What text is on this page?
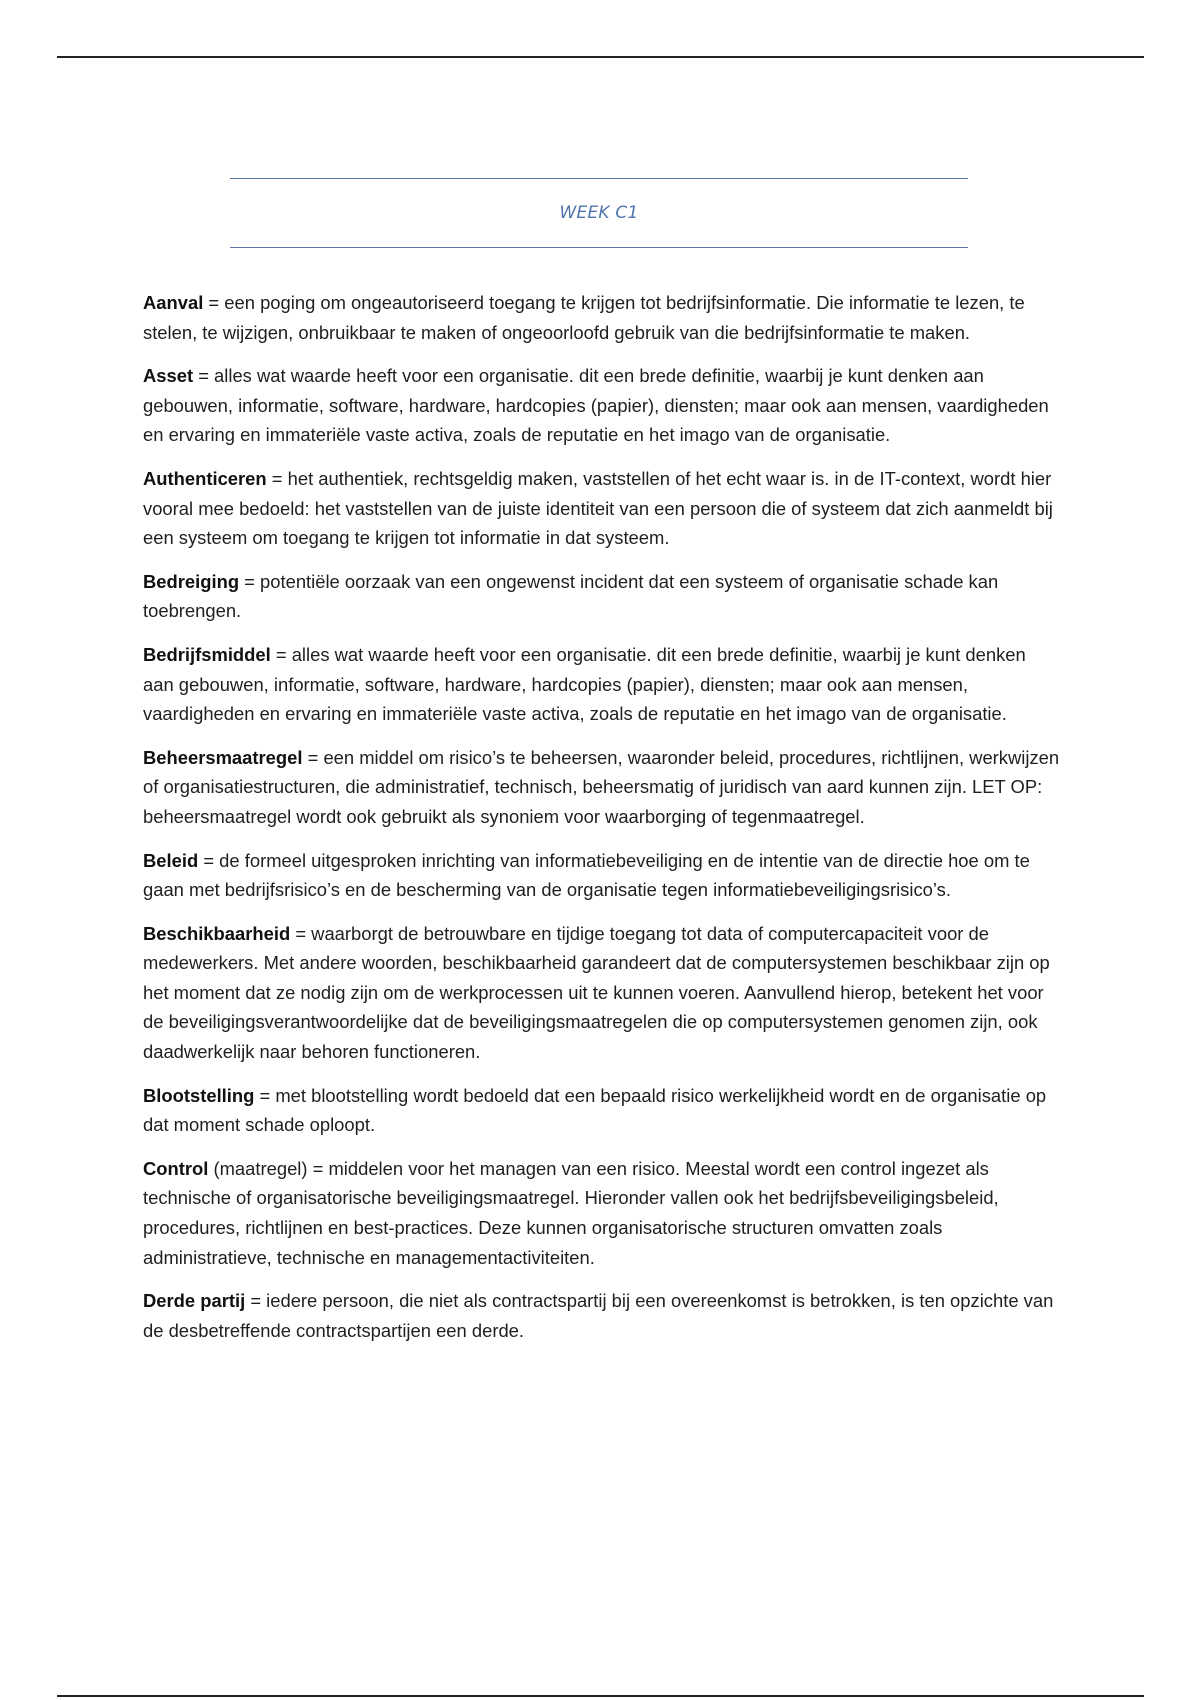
WEEK C1

Aanval = een poging om ongeautoriseerd toegang te krijgen tot bedrijfsinformatie. Die informatie te lezen, te stelen, te wijzigen, onbruikbaar te maken of ongeoorloofd gebruik van die bedrijfsinformatie te maken.

Asset = alles wat waarde heeft voor een organisatie. dit een brede definitie, waarbij je kunt denken aan gebouwen, informatie, software, hardware, hardcopies (papier), diensten; maar ook aan mensen, vaardigheden en ervaring en immateriële vaste activa, zoals de reputatie en het imago van de organisatie.

Authenticeren = het authentiek, rechtsgeldig maken, vaststellen of het echt waar is. in de IT-context, wordt hier vooral mee bedoeld: het vaststellen van de juiste identiteit van een persoon die of systeem dat zich aanmeldt bij een systeem om toegang te krijgen tot informatie in dat systeem.

Bedreiging = potentiële oorzaak van een ongewenst incident dat een systeem of organisatie schade kan toebrengen.

Bedrijfsmiddel = alles wat waarde heeft voor een organisatie. dit een brede definitie, waarbij je kunt denken aan gebouwen, informatie, software, hardware, hardcopies (papier), diensten; maar ook aan mensen, vaardigheden en ervaring en immateriële vaste activa, zoals de reputatie en het imago van de organisatie.

Beheersmaatregel = een middel om risico’s te beheersen, waaronder beleid, procedures, richtlijnen, werkwijzen of organisatiestructuren, die administratief, technisch, beheersmatig of juridisch van aard kunnen zijn. LET OP: beheersmaatregel wordt ook gebruikt als synoniem voor waarborging of tegenmaatregel.

Beleid = de formeel uitgesproken inrichting van informatiebeveiliging en de intentie van de directie hoe om te gaan met bedrijfsrisico’s en de bescherming van de organisatie tegen informatiebeveiligingsrisico’s.

Beschikbaarheid = waarborgt de betrouwbare en tijdige toegang tot data of computercapaciteit voor de medewerkers. Met andere woorden, beschikbaarheid garandeert dat de computersystemen beschikbaar zijn op het moment dat ze nodig zijn om de werkprocessen uit te kunnen voeren. Aanvullend hierop, betekent het voor de beveiligingsverantwoordelijke dat de beveiligingsmaatregelen die op computersystemen genomen zijn, ook daadwerkelijk naar behoren functioneren.

Blootstelling = met blootstelling wordt bedoeld dat een bepaald risico werkelijkheid wordt en de organisatie op dat moment schade oploopt.

Control (maatregel) = middelen voor het managen van een risico. Meestal wordt een control ingezet als technische of organisatorische beveiligingsmaatregel. Hieronder vallen ook het bedrijfsbeveiligingsbeleid, procedures, richtlijnen en best-practices. Deze kunnen organisatorische structuren omvatten zoals administratieve, technische en managementactiviteiten.

Derde partij = iedere persoon, die niet als contractspartij bij een overeenkomst is betrokken, is ten opzichte van de desbetreffende contractspartijen een derde.
